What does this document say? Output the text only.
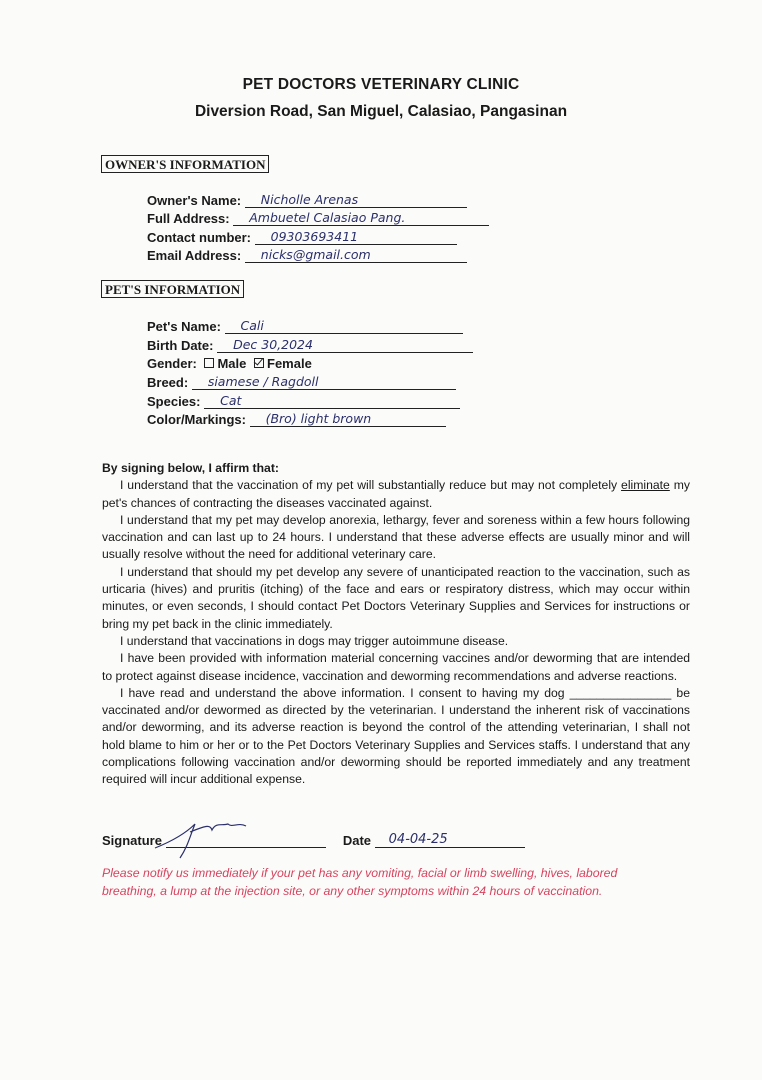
PET DOCTORS VETERINARY CLINIC
Diversion Road, San Miguel, Calasiao, Pangasinan
OWNER'S INFORMATION
Owner's Name: Nicholle Arenas
Full Address: Ambuetel Calasiao Pang.
Contact number: 09303693411
Email Address: nicks@gmail.com
PET'S INFORMATION
Pet's Name: Cali
Birth Date: Dec 30,2024
Gender: Male Female
Breed: siamese / Ragdoll
Species: Cat
Color/Markings: (Bro) light brown
By signing below, I affirm that:

I understand that the vaccination of my pet will substantially reduce but may not completely eliminate my pet's chances of contracting the diseases vaccinated against.

I understand that my pet may develop anorexia, lethargy, fever and soreness within a few hours following vaccination and can last up to 24 hours. I understand that these adverse effects are usually minor and will usually resolve without the need for additional veterinary care.

I understand that should my pet develop any severe of unanticipated reaction to the vaccination, such as urticaria (hives) and pruritis (itching) of the face and ears or respiratory distress, which may occur within minutes, or even seconds, I should contact Pet Doctors Veterinary Supplies and Services for instructions or bring my pet back in the clinic immediately.

I understand that vaccinations in dogs may trigger autoimmune disease.

I have been provided with information material concerning vaccines and/or deworming that are intended to protect against disease incidence, vaccination and deworming recommendations and adverse reactions.

I have read and understand the above information. I consent to having my dog _______________ be vaccinated and/or dewormed as directed by the veterinarian. I understand the inherent risk of vaccinations and/or deworming, and its adverse reaction is beyond the control of the attending veterinarian, I shall not hold blame to him or her or to the Pet Doctors Veterinary Supplies and Services staffs. I understand that any complications following vaccination and/or deworming should be reported immediately and any treatment required will incur additional expense.

Signature	Date 04-04-25
Please notify us immediately if your pet has any vomiting, facial or limb swelling, hives, labored breathing, a lump at the injection site, or any other symptoms within 24 hours of vaccination.
